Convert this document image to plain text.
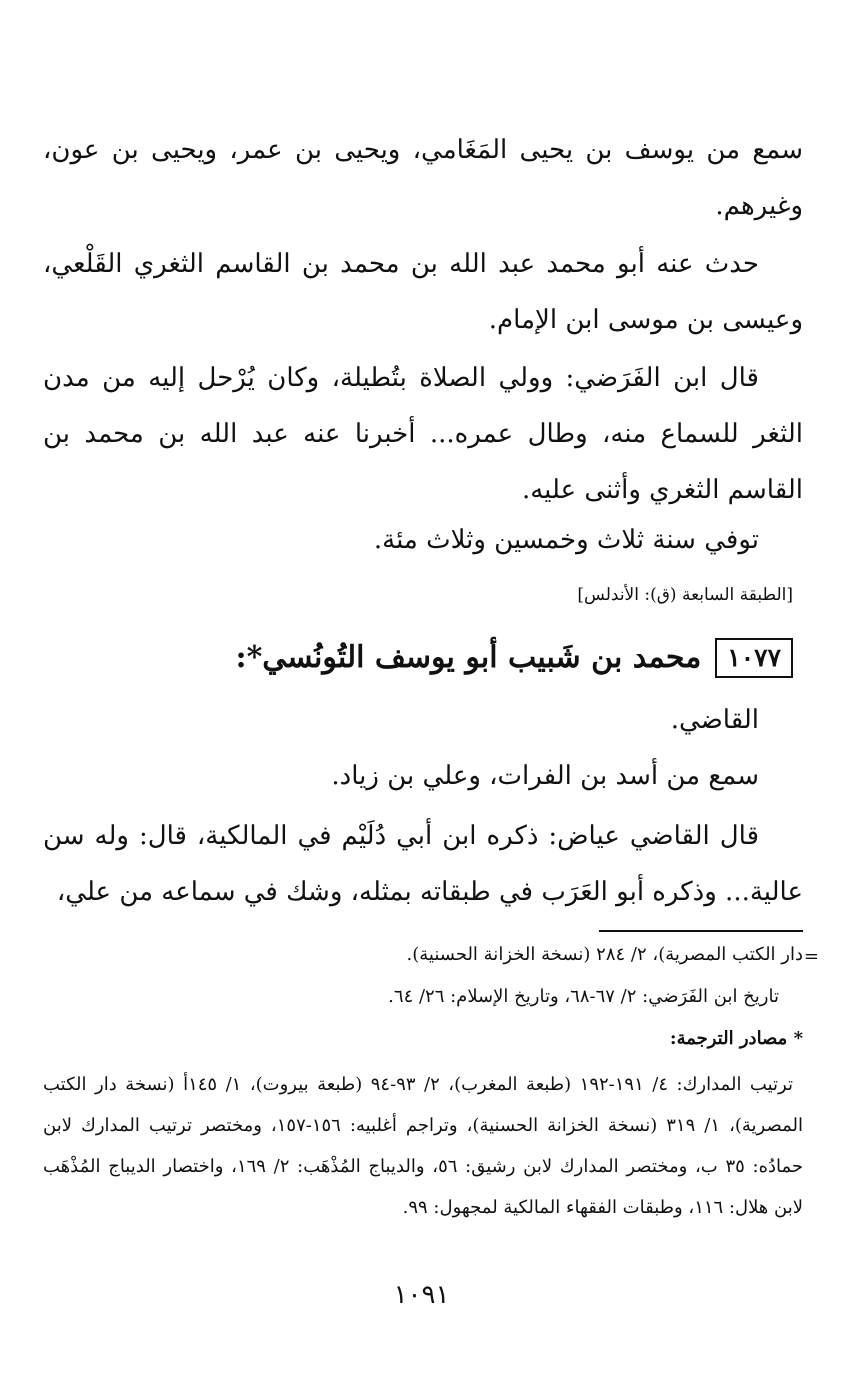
سمع من يوسف بن يحيى المَغَامي، ويحيى بن عمر، ويحيى بن عون، وغيرهم.

حدث عنه أبو محمد عبد الله بن محمد بن القاسم الثغري القَلْعي، وعيسى بن موسى ابن الإمام.

قال ابن الفَرَضي: وولي الصلاة بتُطيلة، وكان يُرْحل إليه من مدن الثغر للسماع منه، وطال عمره... أخبرنا عنه عبد الله بن محمد بن القاسم الثغري وأثنى عليه.

توفي سنة ثلاث وخمسين وثلاث مئة.

[الطبقة السابعة (ق): الأندلس]
١٠٧٧
محمد بن شَبيب أبو يوسف التُونُسي*:

القاضي.

سمع من أسد بن الفرات، وعلي بن زياد.

قال القاضي عياض: ذكره ابن أبي دُلَيْم في المالكية، قال: وله سن عالية... وذكره أبو العَرَب في طبقاته بمثله، وشك في سماعه من علي،

=

دار الكتب المصرية)، ٢/ ٢٨٤ (نسخة الخزانة الحسنية).

تاريخ ابن الفَرَضي: ٢/ ٦٧-٦٨، وتاريخ الإسلام: ٢٦/ ٦٤.

* مصادر الترجمة:

ترتيب المدارك: ٤/ ١٩١-١٩٢ (طبعة المغرب)، ٢/ ٩٣-٩٤ (طبعة بيروت)، ١/ ١٤٥أ (نسخة دار الكتب المصرية)، ١/ ٣١٩ (نسخة الخزانة الحسنية)، وتراجم أغلبيه: ١٥٦-١٥٧، ومختصر ترتيب المدارك لابن حمادُه: ٣٥ ب، ومختصر المدارك لابن رشيق: ٥٦، والديباج المُذْهَب: ٢/ ١٦٩، واختصار الديباج المُذْهَب لابن هلال: ١١٦، وطبقات الفقهاء المالكية لمجهول: ٩٩.

١٠٩١
